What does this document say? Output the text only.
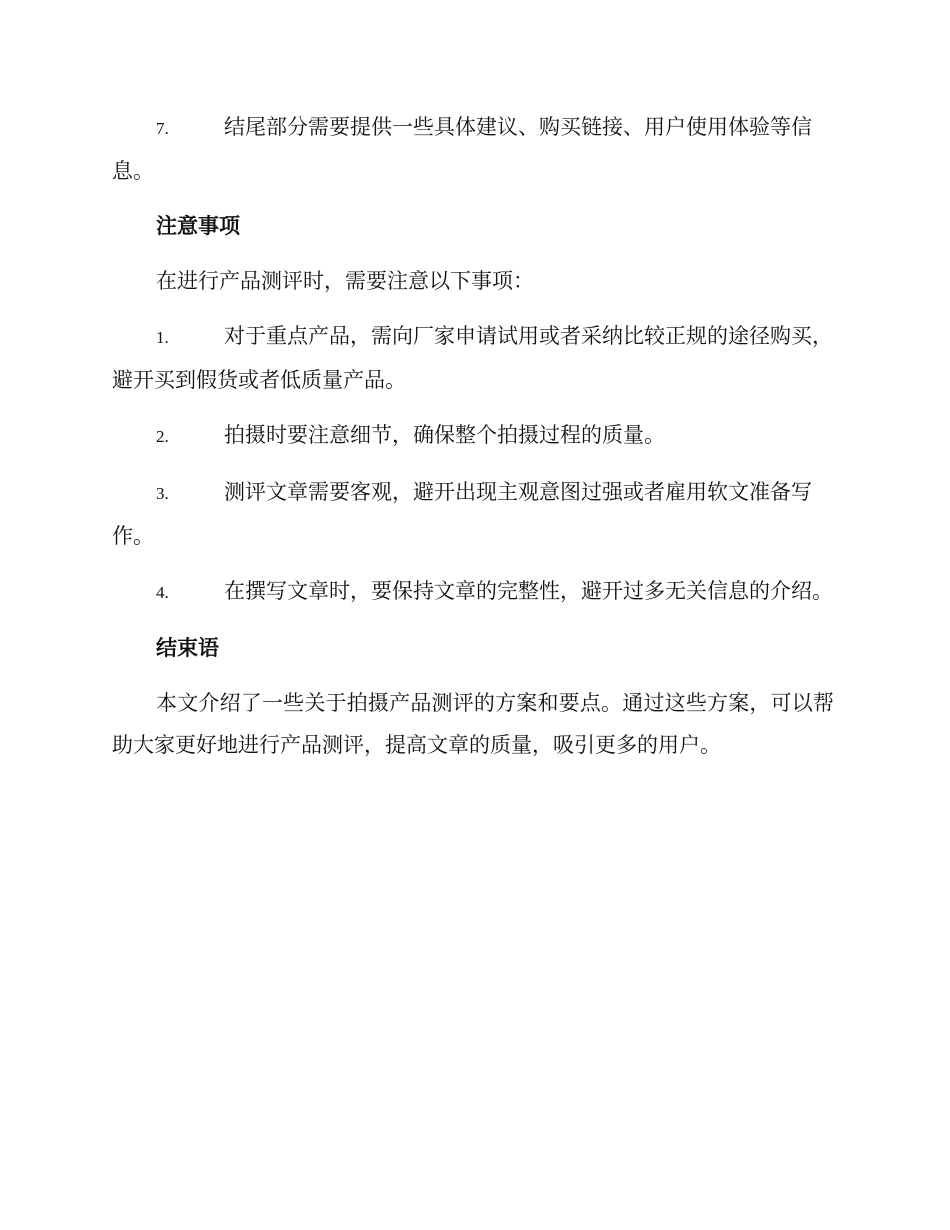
7.	结尾部分需要提供一些具体建议、购买链接、用户使用体验等信息。

注意事项

在进行产品测评时，需要注意以下事项：

1.	对于重点产品，需向厂家申请试用或者采纳比较正规的途径购买，避开买到假货或者低质量产品。

2.	拍摄时要注意细节，确保整个拍摄过程的质量。

3.	测评文章需要客观，避开出现主观意图过强或者雇用软文准备写作。

4.	在撰写文章时，要保持文章的完整性，避开过多无关信息的介绍。

结束语

本文介绍了一些关于拍摄产品测评的方案和要点。通过这些方案，可以帮助大家更好地进行产品测评，提高文章的质量，吸引更多的用户。
